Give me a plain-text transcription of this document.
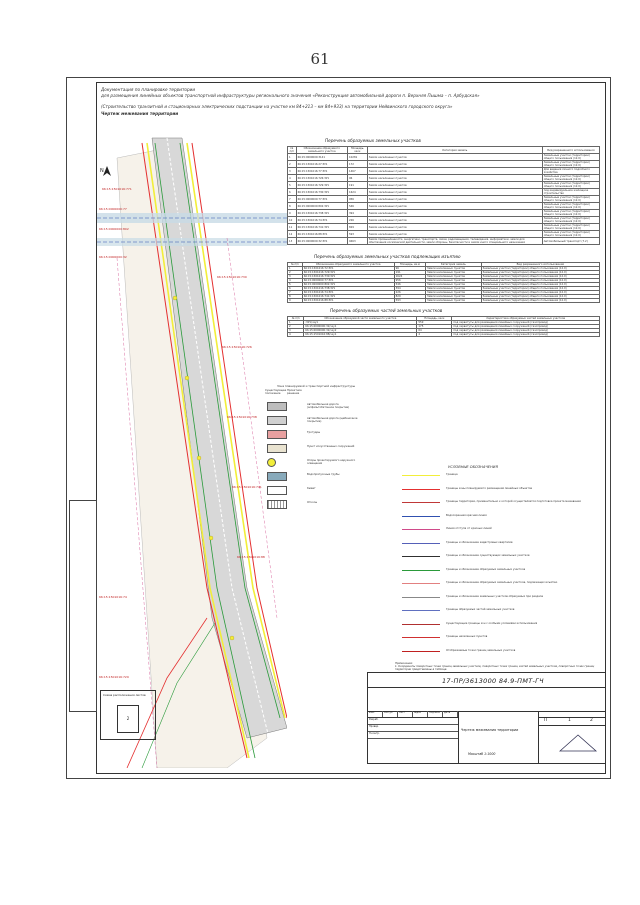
61
Документация по планировке территории
для размещения линейных объектов транспортной инфраструктуры регионального значения «Реконструкция автомобильной дороги п. Верхняя Пышма – п. Арбудская»
(Строительство транзитной и стационарных электрических подстанции на участке км 84+213 – км 84+933) на территории Нейвинского городского округа»
Чертеж межевания территории
N
66:15:1501016:771
66:15:0000000:77
66:15:0000000:802
66:15:0000000:32
66:15:1501016:730
66:15:1501016:726
66:15:1501016:738
66:15:1501016:741
66:15:1501016:88
66:15:1501016:74
66:15:1501016:729
Перечень образуемых земельных участков
№ п/п	Обозначение образуемого земельного участка	Площадь, кв.м	Категория земель	Вид разрешенного использования
1	66:15:0000000:3141	10281	Земли населенных пунктов	Земельные участки (территории) общего пользования (12.0)
2	66:15:1501016:27:ЗУ1	172	Земли населенных пунктов	Земельные участки (территории) общего пользования (12.0)
3	66:15:1501016:77:ЗУ1	1467	Земли населенных пунктов	Для ведения личного подсобного хозяйства
4	66:15:1501016:726:ЗУ1	96	Земли населенных пунктов	Земельные участки (территории) общего пользования (12.0)
5	66:15:1501016:729:ЗУ1	191	Земли населенных пунктов	Земельные участки (территории) общего пользования (12.0)
6	66:15:1501016:730:ЗУ1	1624	Земли населенных пунктов	под индивидуальное жилищное строительство
7	66:15:0000000:77:ЗУ1	956	Земли населенных пунктов	Земельные участки (территории) общего пользования (12.0)
8	66:15:0000000:802:ЗУ1	546	Земли населенных пунктов	Земельные участки (территории) общего пользования (12.0)
9	66:15:1501016:738:ЗУ1	394	Земли населенных пунктов	Земельные участки (территории) общего пользования (12.0)
10	66:15:1501016:74:ЗУ1	226	Земли населенных пунктов	Земельные участки (территории) общего пользования (12.0)
11	66:15:1501016:741:ЗУ1	829	Земли населенных пунктов	Земельные участки (территории) общего пользования (12.0)
12	66:15:1501016:88:ЗУ1	593	Земли населенных пунктов	Земельные участки (территории) общего пользования (12.0)
13	66:15:0000000:32:ЗУ1	9463	Земли промышленности, энергетики, транспорта, связи, радиовещания, телевидения, информатики, земли для обеспечения космической деятельности, земли обороны, безопасности и земли иного специального назначения	Автомобильный транспорт (7.2)
Перечень образуемых земельных участков подлежащих изъятию
№ п/п	Обозначение образуемого земельного участка	Площадь, кв.м	Категория земель	Вид разрешенного использования
1	66:15:1501016:72:ЗУ1	96	Земли населенных пунктов	Земельные участки (территории) общего пользования (12.0)
2	66:15:1501016:729:ЗУ1	191	Земли населенных пунктов	Земельные участки (территории) общего пользования (12.0)
3	66:15:1501016:730:ЗУ1	1624	Земли населенных пунктов	Земельные участки (территории) общего пользования (12.0)
4	66:15:0000000:77:ЗУ1	956	Земли населенных пунктов	Земельные участки (территории) общего пользования (12.0)
5	66:15:0000000:802:ЗУ1	546	Земли населенных пунктов	Земельные участки (территории) общего пользования (12.0)
6	66:15:1501016:738:ЗУ1	394	Земли населенных пунктов	Земельные участки (территории) общего пользования (12.0)
7	66:15:1501016:74:ЗУ1	226	Земли населенных пунктов	Земельные участки (территории) общего пользования (12.0)
8	66:15:1501016:741:ЗУ1	829	Земли населенных пунктов	Земельные участки (территории) общего пользования (12.0)
9	66:15:1501016:88:ЗУ1	593	Земли населенных пунктов	Земельные участки (территории) общего пользования (12.0)
Перечень образуемых частей земельных участков
№ п/п	Обозначение образуемой части земельного участка	Площадь, кв.м	Характеристика образуемых частей земельных участков
1	:ЗУ1/чзу1	559	под сервитуты для размещения линейных сооружений (газопровод)
2	66:15:0000000:32/чзу1	175	под сервитуты для размещения линейных сооружений (газопровод)
3	66:15:0000000:32/чзу2	64	под сервитуты для размещения линейных сооружений (газопровод)
4	66:15:1501016:88/чзу1	4	под сервитуты для размещения линейных сооружений (газопровод)
Зона планируемой и транспортной инфраструктуры
Существующее положение
Проектное решение
Автомобильная дорога (асфальтобетонное покрытие)
Автомобильная дорога (щебеночное покрытие)
Тротуары
Пункт искусственных сооружений
Опоры проектируемого наружного освещения
Водопропускные трубы
Кювет
Откосы
УСЛОВНЫЕ ОБОЗНАЧЕНИЯ
Граница
Границы зоны планируемого размещения линейных объектов
Границы территории, применительно к которой осуществляется подготовка проекта межевания
Водоохранная красная линия
Линия отступа от красных линий
Границы и обозначение кадастровых кварталов
Границы и обозначение существующих земельных участков
Границы и обозначение образуемых земельных участков
Границы и обозначение образуемых земельных участков, подлежащих изъятию
Границы и обозначение земельных участков образуемых при разделе
Границы образуемых частей земельных участков
Существующие границы зон с особыми условиями использования
Границы населенных пунктов
Отображаемые точки границ земельных участков
Примечание:
1. Координаты поворотных точек границ земельных участков, поворотных точек границ частей земельных участков, поворотных точек границ территории представлены в таблице.
17-ПР/3613000 84.9-ПМТ-ГЧ
Изм.	Кол.уч.	Лист	№док	Подпись	Дата
Разраб.
Провер.
Н.контр.
Чертеж межевания территории
Масштаб 1:1000
П	1	2
Схема расположения листов
2
